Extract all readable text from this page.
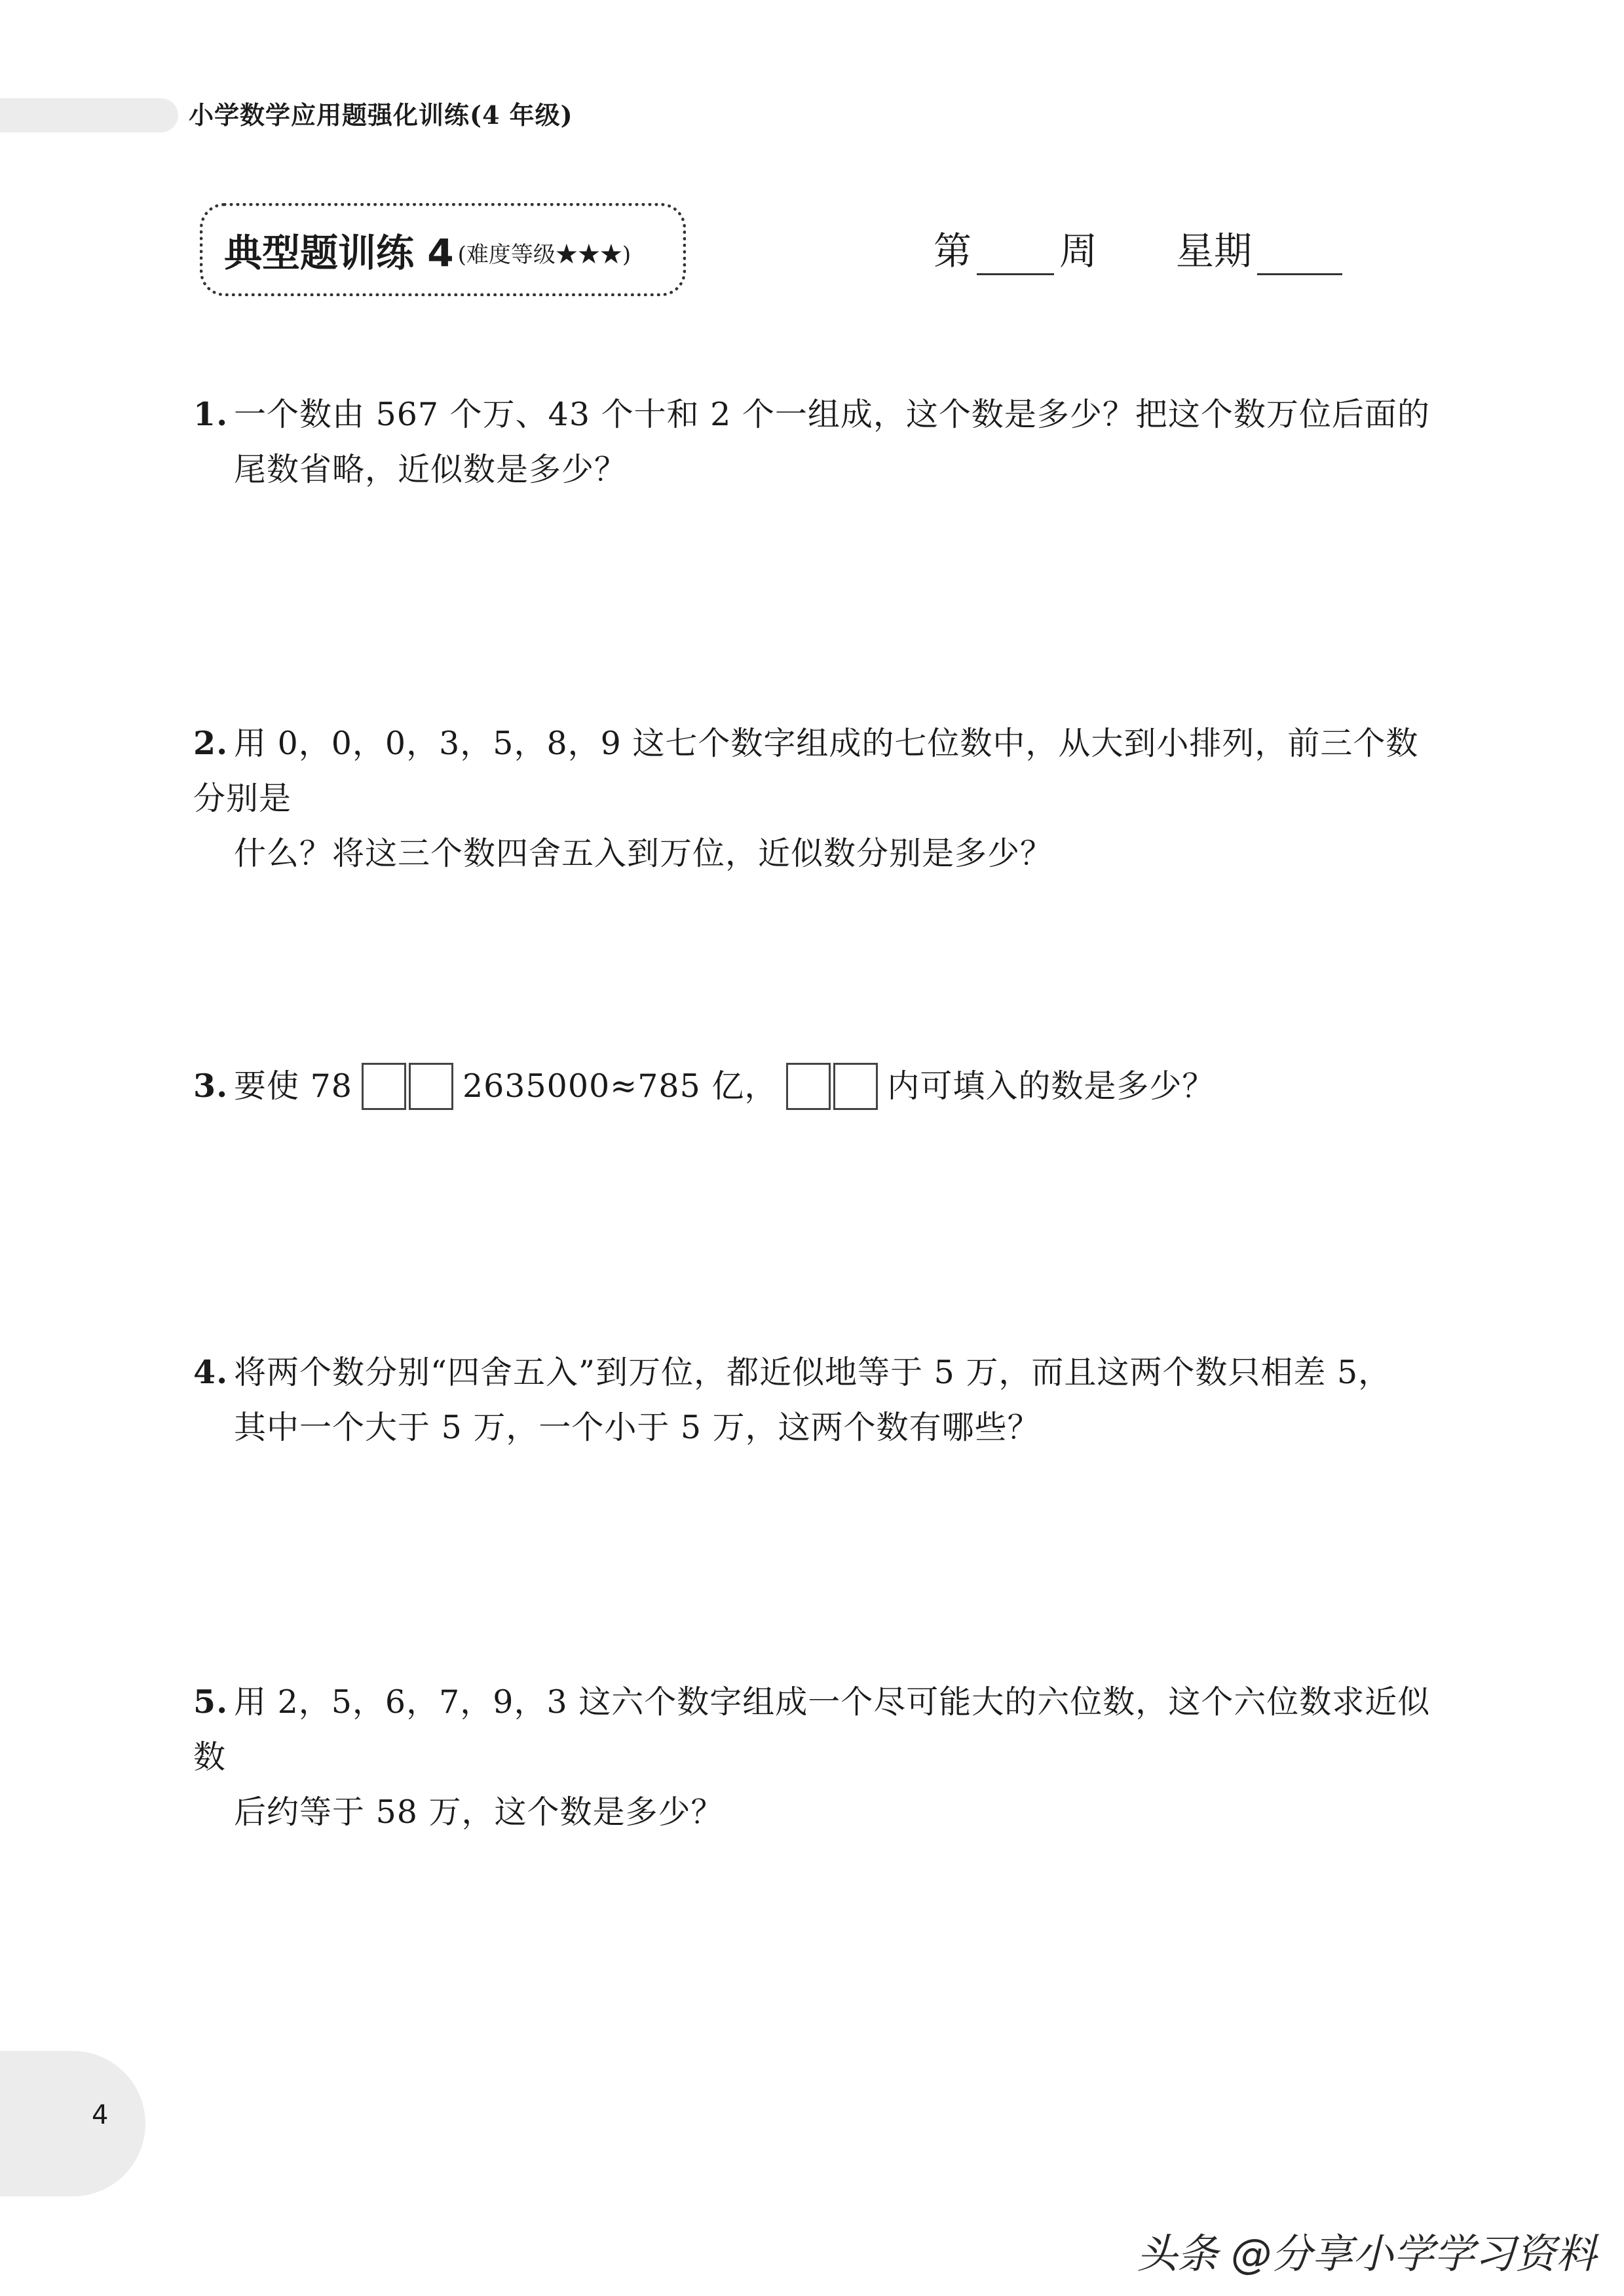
小学数学应用题强化训练(4 年级)
典型题训练 4 (难度等级★★★)	第 周 星期
1. 一个数由 567 个万、43 个十和 2 个一组成，这个数是多少？把这个数万位后面的
尾数省略，近似数是多少？
2. 用 0，0，0，3，5，8，9 这七个数字组成的七位数中，从大到小排列，前三个数分别是
什么？将这三个数四舍五入到万位，近似数分别是多少？
3. 要使 78	2635000≈785 亿，	内可填入的数是多少？
4. 将两个数分别“四舍五入”到万位，都近似地等于 5 万，而且这两个数只相差 5，
其中一个大于 5 万，一个小于 5 万，这两个数有哪些？
5. 用 2，5，6，7，9，3 这六个数字组成一个尽可能大的六位数，这个六位数求近似数
后约等于 58 万，这个数是多少？
4
头条 @分享小学学习资料
